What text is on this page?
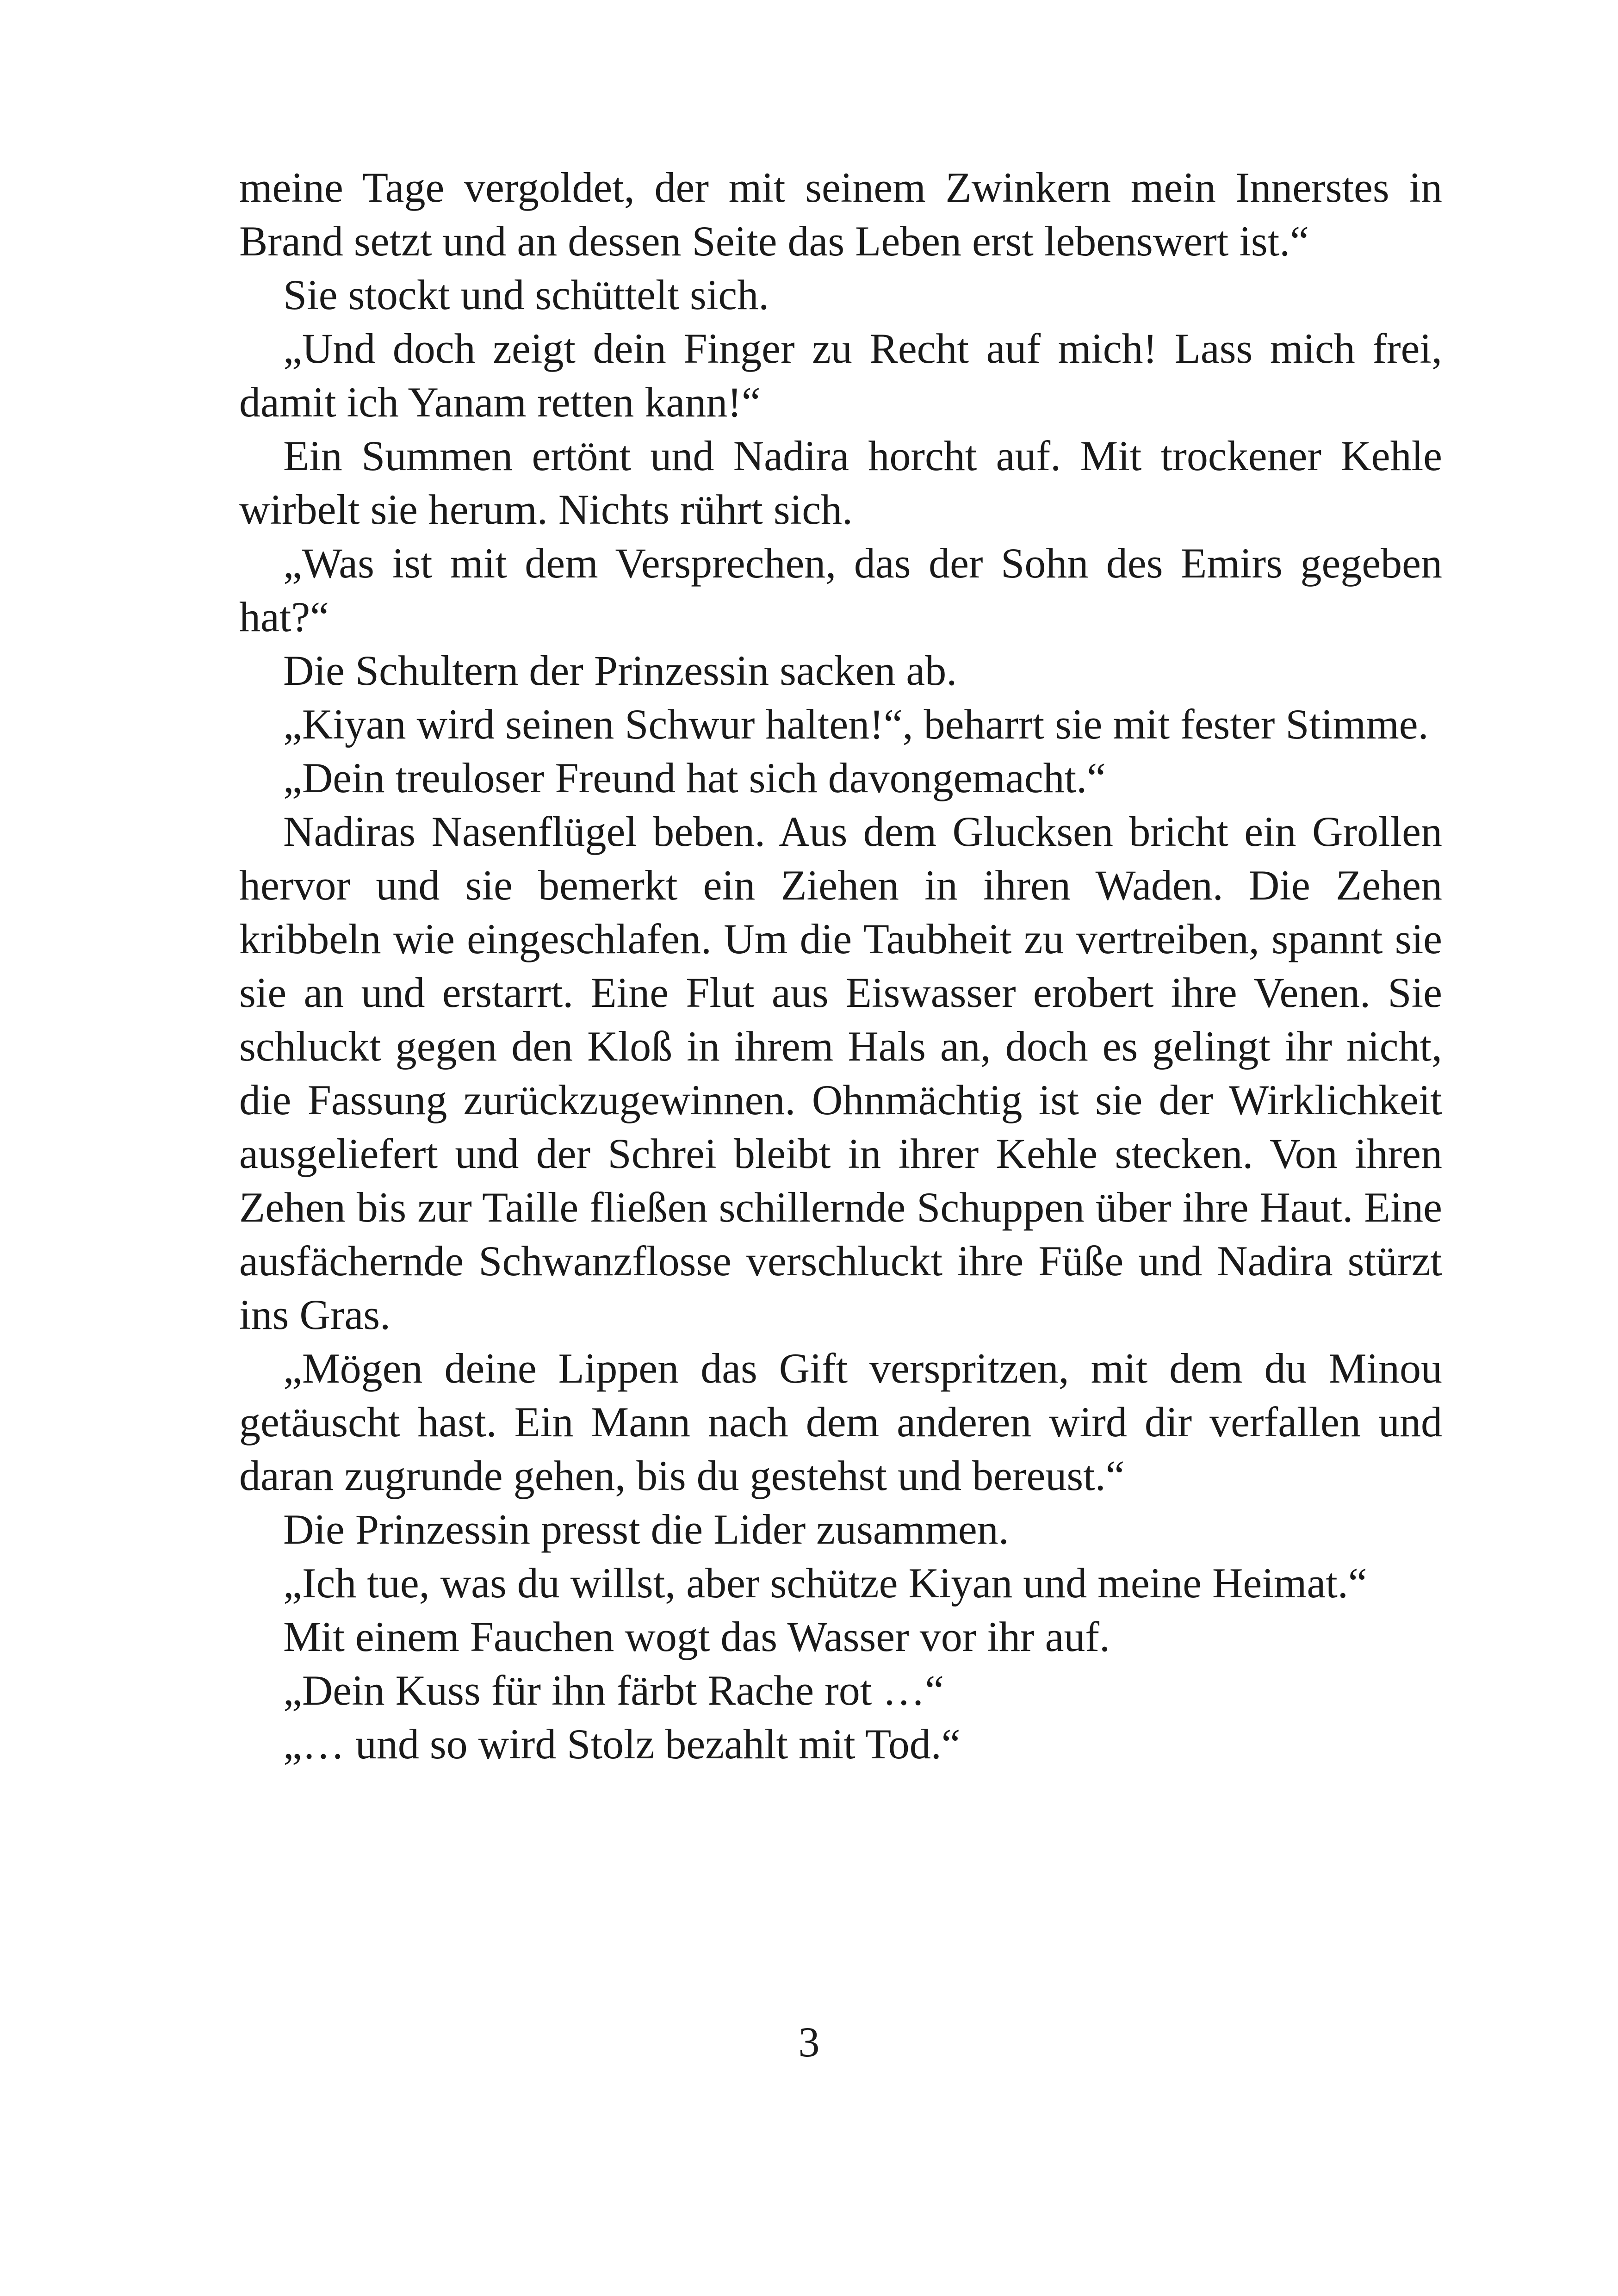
meine Tage vergoldet, der mit seinem Zwinkern mein Innerstes in Brand setzt und an dessen Seite das Leben erst lebenswert ist.“

Sie stockt und schüttelt sich.

„Und doch zeigt dein Finger zu Recht auf mich! Lass mich frei, damit ich Yanam retten kann!“

Ein Summen ertönt und Nadira horcht auf. Mit trockener Kehle wirbelt sie herum. Nichts rührt sich.

„Was ist mit dem Versprechen, das der Sohn des Emirs gegeben hat?“

Die Schultern der Prinzessin sacken ab.

„Kiyan wird seinen Schwur halten!“, beharrt sie mit fester Stimme.

„Dein treuloser Freund hat sich davongemacht.“

Nadiras Nasenflügel beben. Aus dem Glucksen bricht ein Grollen hervor und sie bemerkt ein Ziehen in ihren Waden. Die Zehen kribbeln wie eingeschlafen. Um die Taubheit zu vertreiben, spannt sie sie an und erstarrt. Eine Flut aus Eiswasser erobert ihre Venen. Sie schluckt gegen den Kloß in ihrem Hals an, doch es gelingt ihr nicht, die Fassung zurückzugewinnen. Ohnmächtig ist sie der Wirklichkeit ausgeliefert und der Schrei bleibt in ihrer Kehle stecken. Von ihren Zehen bis zur Taille fließen schillernde Schuppen über ihre Haut. Eine ausfächernde Schwanzflosse verschluckt ihre Füße und Nadira stürzt ins Gras.

„Mögen deine Lippen das Gift verspritzen, mit dem du Minou getäuscht hast. Ein Mann nach dem anderen wird dir verfallen und daran zugrunde gehen, bis du gestehst und bereust.“

Die Prinzessin presst die Lider zusammen.

„Ich tue, was du willst, aber schütze Kiyan und meine Heimat.“

Mit einem Fauchen wogt das Wasser vor ihr auf.

„Dein Kuss für ihn färbt Rache rot …“

„… und so wird Stolz bezahlt mit Tod.“

3
